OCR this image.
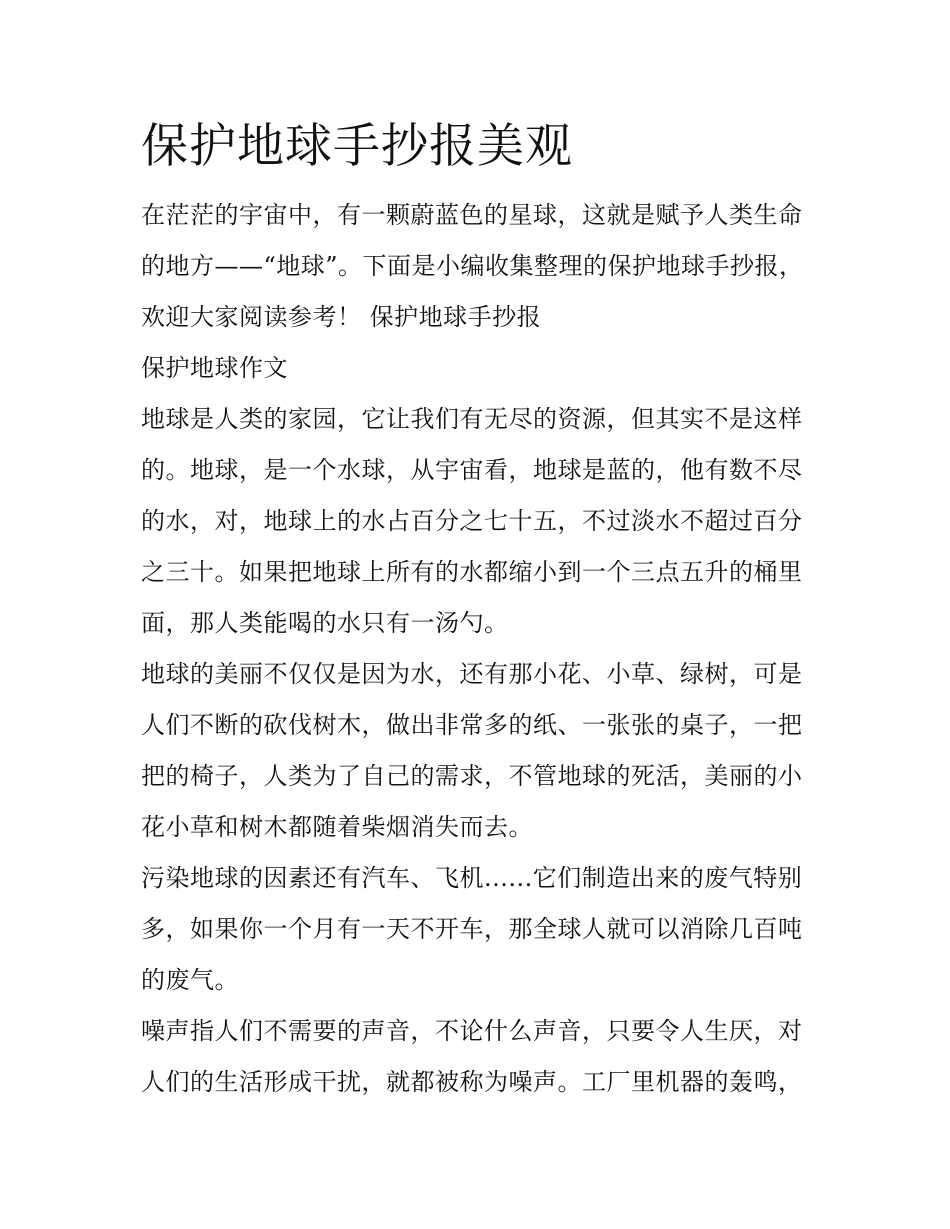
保护地球手抄报美观

在茫茫的宇宙中，有一颗蔚蓝色的星球，这就是赋予人类生命
的地方——“地球”。下面是小编收集整理的保护地球手抄报，
欢迎大家阅读参考！ 保护地球手抄报

保护地球作文

地球是人类的家园，它让我们有无尽的资源，但其实不是这样
的。地球，是一个水球，从宇宙看，地球是蓝的，他有数不尽
的水，对，地球上的水占百分之七十五，不过淡水不超过百分
之三十。如果把地球上所有的水都缩小到一个三点五升的桶里
面，那人类能喝的水只有一汤勺。

地球的美丽不仅仅是因为水，还有那小花、小草、绿树，可是
人们不断的砍伐树木，做出非常多的纸、一张张的桌子，一把
把的椅子，人类为了自己的需求，不管地球的死活，美丽的小
花小草和树木都随着柴烟消失而去。

污染地球的因素还有汽车、飞机......它们制造出来的废气特别
多，如果你一个月有一天不开车，那全球人就可以消除几百吨
的废气。

噪声指人们不需要的声音，不论什么声音，只要令人生厌，对
人们的生活形成干扰，就都被称为噪声。工厂里机器的轰鸣，
